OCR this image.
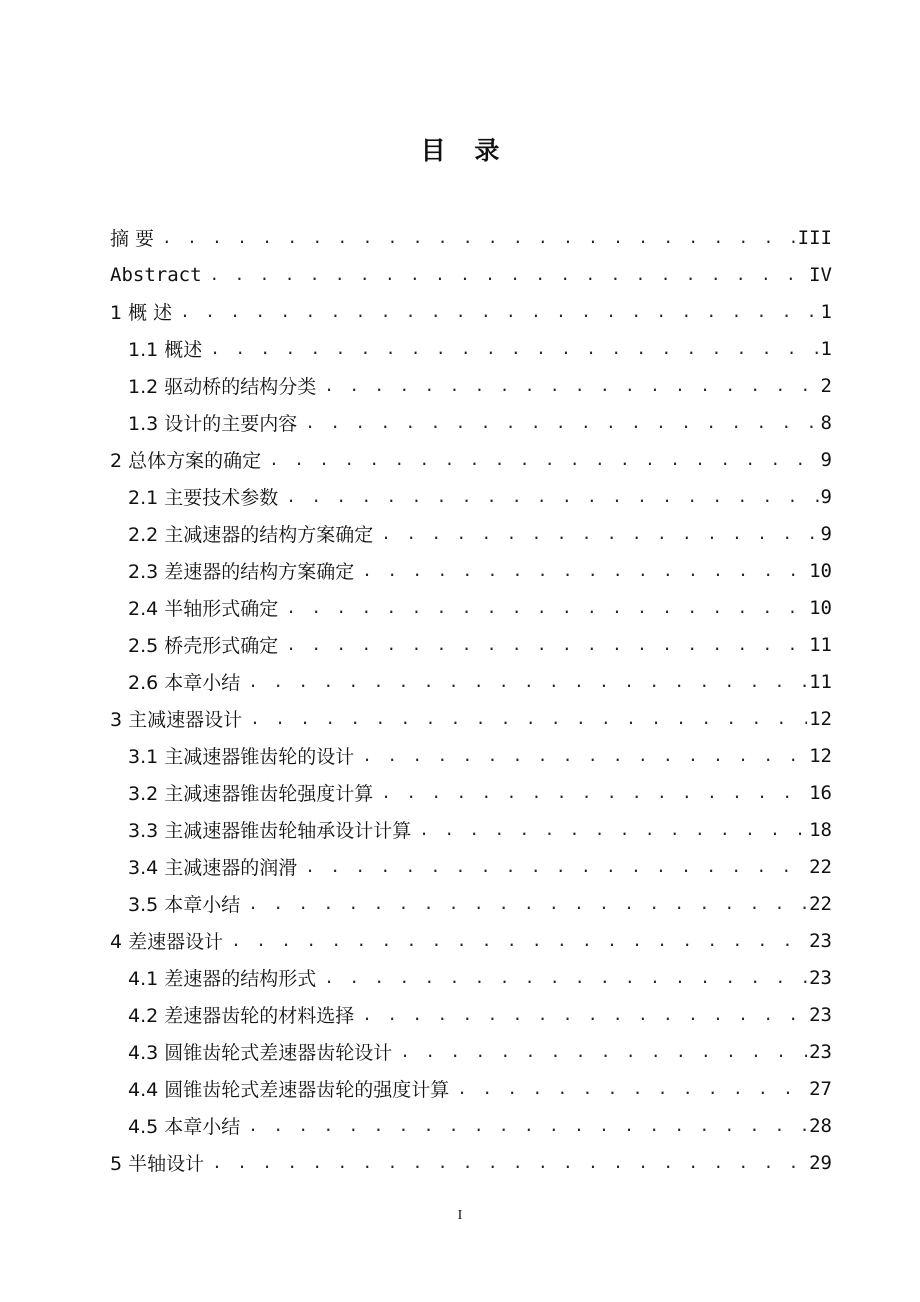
目 录
摘 要 . . .	III
Abstract . . .	IV
1 概 述 . . .	1
1.1 概述 . . .	1
1.2 驱动桥的结构分类 . . .	2
1.3 设计的主要内容 . . .	8
2 总体方案的确定 . . .	9
2.1 主要技术参数 . . .	9
2.2 主减速器的结构方案确定 . . .	9
2.3 差速器的结构方案确定 . . .	10
2.4 半轴形式确定 . . .	10
2.5 桥壳形式确定 . . .	11
2.6 本章小结 . . .	11
3 主减速器设计 . . .	12
3.1 主减速器锥齿轮的设计 . . .	12
3.2 主减速器锥齿轮强度计算 . . .	16
3.3 主减速器锥齿轮轴承设计计算 . . .	18
3.4 主减速器的润滑 . . .	22
3.5 本章小结 . . .	22
4 差速器设计 . . .	23
4.1 差速器的结构形式 . . .	23
4.2 差速器齿轮的材料选择 . . .	23
4.3 圆锥齿轮式差速器齿轮设计 . . .	23
4.4 圆锥齿轮式差速器齿轮的强度计算 . . .	27
4.5 本章小结 . . .	28
5 半轴设计 . . .	29
I
